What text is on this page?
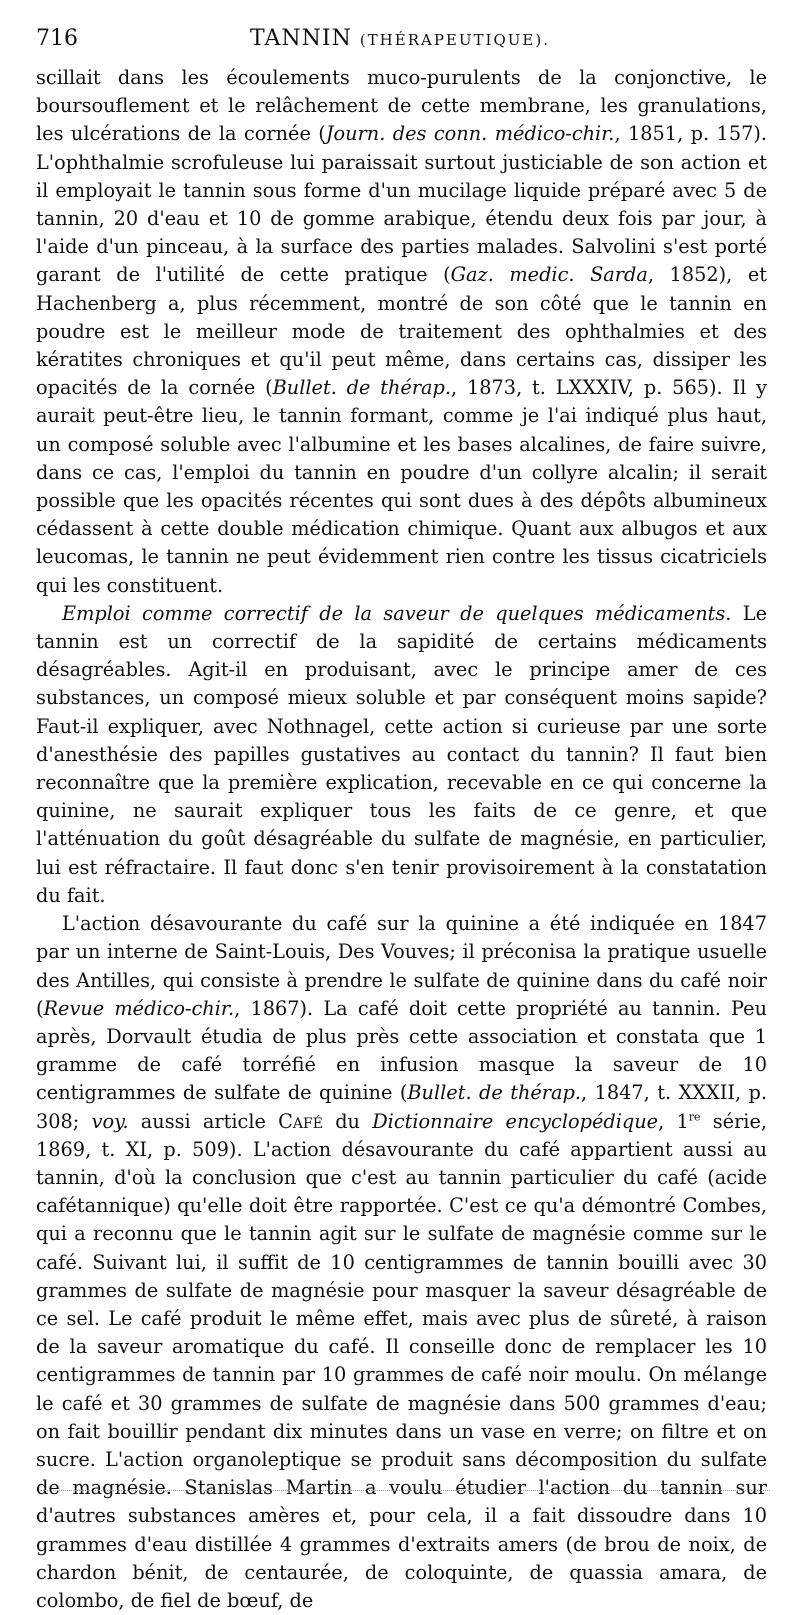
716	TANNIN (THÉRAPEUTIQUE).

scillait dans les écoulements muco-purulents de la conjonctive, le boursouflement et le relâchement de cette membrane, les granulations, les ulcérations de la cornée (Journ. des conn. médico-chir., 1851, p. 157). L'ophthalmie scrofuleuse lui paraissait surtout justiciable de son action et il employait le tannin sous forme d'un mucilage liquide préparé avec 5 de tannin, 20 d'eau et 10 de gomme arabique, étendu deux fois par jour, à l'aide d'un pinceau, à la surface des parties malades. Salvolini s'est porté garant de l'utilité de cette pratique (Gaz. medic. Sarda, 1852), et Hachenberg a, plus récemment, montré de son côté que le tannin en poudre est le meilleur mode de traitement des ophthalmies et des kératites chroniques et qu'il peut même, dans certains cas, dissiper les opacités de la cornée (Bullet. de thérap., 1873, t. LXXXIV, p. 565). Il y aurait peut-être lieu, le tannin formant, comme je l'ai indiqué plus haut, un composé soluble avec l'albumine et les bases alcalines, de faire suivre, dans ce cas, l'emploi du tannin en poudre d'un collyre alcalin; il serait possible que les opacités récentes qui sont dues à des dépôts albumineux cédassent à cette double médication chimique. Quant aux albugos et aux leucomas, le tannin ne peut évidemment rien contre les tissus cicatriciels qui les constituent.

Emploi comme correctif de la saveur de quelques médicaments. Le tannin est un correctif de la sapidité de certains médicaments désagréables. Agit-il en produisant, avec le principe amer de ces substances, un composé mieux soluble et par conséquent moins sapide? Faut-il expliquer, avec Nothnagel, cette action si curieuse par une sorte d'anesthésie des papilles gustatives au contact du tannin? Il faut bien reconnaître que la première explication, recevable en ce qui concerne la quinine, ne saurait expliquer tous les faits de ce genre, et que l'atténuation du goût désagréable du sulfate de magnésie, en particulier, lui est réfractaire. Il faut donc s'en tenir provisoirement à la constatation du fait.

L'action désavourante du café sur la quinine a été indiquée en 1847 par un interne de Saint-Louis, Des Vouves; il préconisa la pratique usuelle des Antilles, qui consiste à prendre le sulfate de quinine dans du café noir (Revue médico-chir., 1867). La café doit cette propriété au tannin. Peu après, Dorvault étudia de plus près cette association et constata que 1 gramme de café torréfié en infusion masque la saveur de 10 centigrammes de sulfate de quinine (Bullet. de thérap., 1847, t. XXXII, p. 308; voy. aussi article Café du Dictionnaire encyclopédique, 1re série, 1869, t. XI, p. 509). L'action désavourante du café appartient aussi au tannin, d'où la conclusion que c'est au tannin particulier du café (acide cafétannique) qu'elle doit être rapportée. C'est ce qu'a démontré Combes, qui a reconnu que le tannin agit sur le sulfate de magnésie comme sur le café. Suivant lui, il suffit de 10 centigrammes de tannin bouilli avec 30 grammes de sulfate de magnésie pour masquer la saveur désagréable de ce sel. Le café produit le même effet, mais avec plus de sûreté, à raison de la saveur aromatique du café. Il conseille donc de remplacer les 10 centigrammes de tannin par 10 grammes de café noir moulu. On mélange le café et 30 grammes de sulfate de magnésie dans 500 grammes d'eau; on fait bouillir pendant dix minutes dans un vase en verre; on filtre et on sucre. L'action organoleptique se produit sans décomposition du sulfate de magnésie. Stanislas Martin a voulu étudier l'action du tannin sur d'autres substances amères et, pour cela, il a fait dissoudre dans 10 grammes d'eau distillée 4 grammes d'extraits amers (de brou de noix, de chardon bénit, de centaurée, de coloquinte, de quassia amara, de colombo, de fiel de bœuf, de
